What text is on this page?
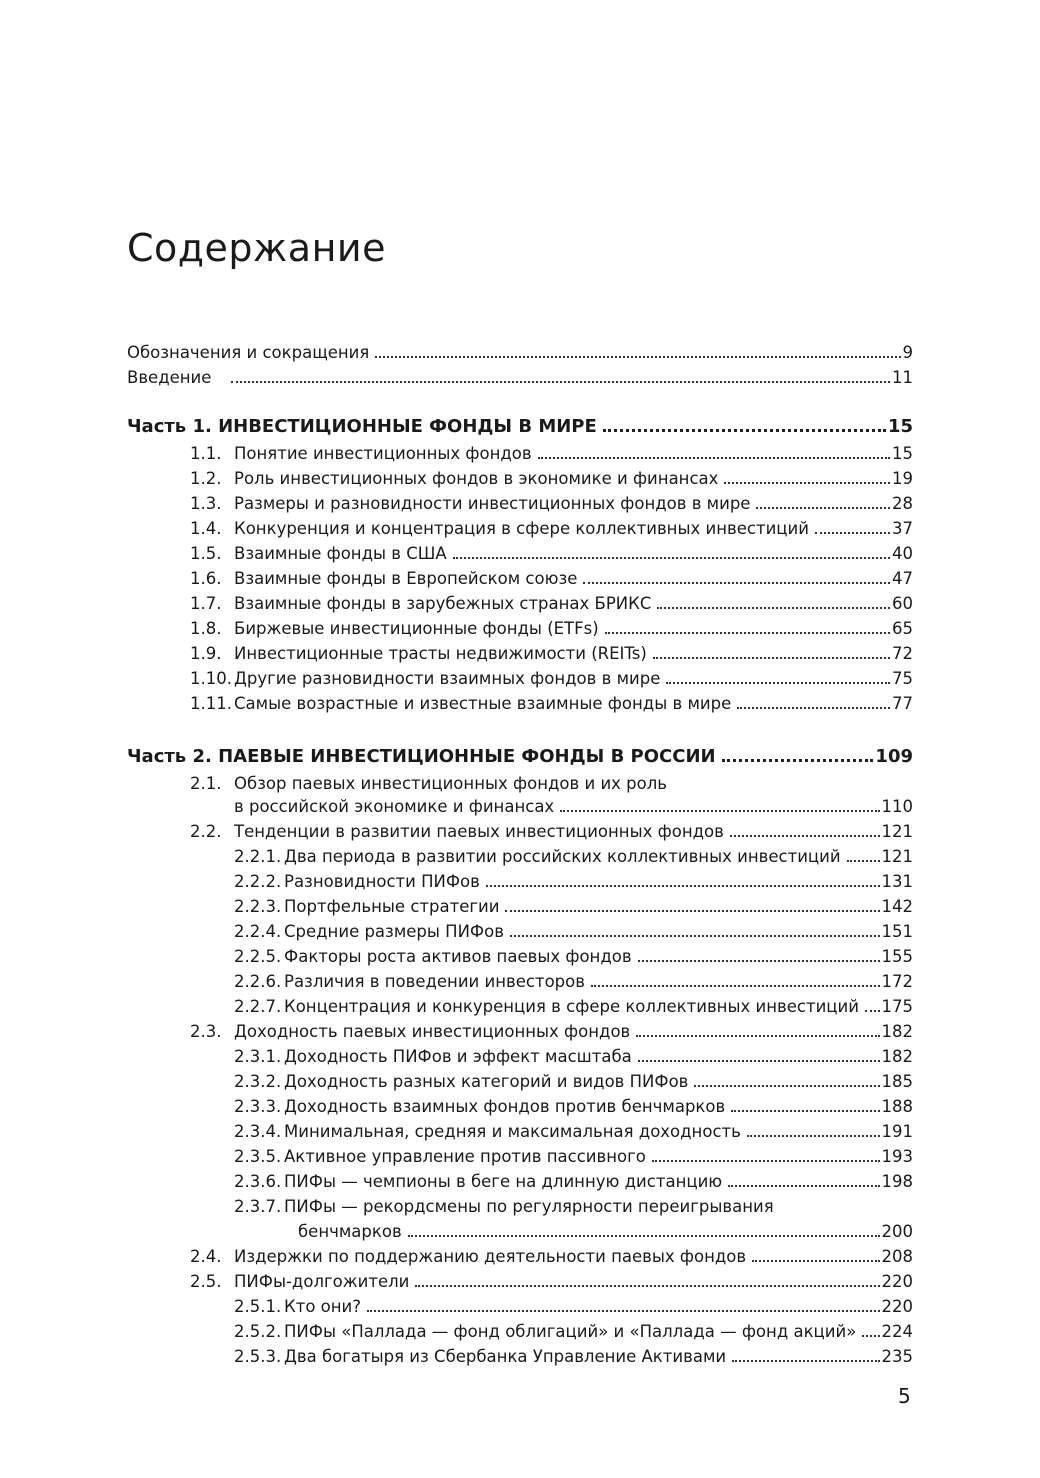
Содержание
Обозначения и сокращения	9
Введение	11
Часть 1. ИНВЕСТИЦИОННЫЕ ФОНДЫ В МИРЕ	15
1.1. Понятие инвестиционных фондов	15
1.2. Роль инвестиционных фондов в экономике и финансах	19
1.3. Размеры и разновидности инвестиционных фондов в мире	28
1.4. Конкуренция и концентрация в сфере коллективных инвестиций	37
1.5. Взаимные фонды в США	40
1.6. Взаимные фонды в Европейском союзе	47
1.7. Взаимные фонды в зарубежных странах БРИКС	60
1.8. Биржевые инвестиционные фонды (ETFs)	65
1.9. Инвестиционные трасты недвижимости (REITs)	72
1.10. Другие разновидности взаимных фондов в мире	75
1.11. Самые возрастные и известные взаимные фонды в мире	77
Часть 2. ПАЕВЫЕ ИНВЕСТИЦИОННЫЕ ФОНДЫ В РОССИИ	109
2.1. Обзор паевых инвестиционных фондов и их роль
в российской экономике и финансах	110
2.2. Тенденции в развитии паевых инвестиционных фондов	121
2.2.1. Два периода в развитии российских коллективных инвестиций	121
2.2.2. Разновидности ПИФов	131
2.2.3. Портфельные стратегии	142
2.2.4. Средние размеры ПИФов	151
2.2.5. Факторы роста активов паевых фондов	155
2.2.6. Различия в поведении инвесторов	172
2.2.7. Концентрация и конкуренция в сфере коллективных инвестиций	175
2.3. Доходность паевых инвестиционных фондов	182
2.3.1. Доходность ПИФов и эффект масштаба	182
2.3.2. Доходность разных категорий и видов ПИФов	185
2.3.3. Доходность взаимных фондов против бенчмарков	188
2.3.4. Минимальная, средняя и максимальная доходность	191
2.3.5. Активное управление против пассивного	193
2.3.6. ПИФы — чемпионы в беге на длинную дистанцию	198
2.3.7. ПИФы — рекордсмены по регулярности переигрывания
бенчмарков	200
2.4. Издержки по поддержанию деятельности паевых фондов	208
2.5. ПИФы-долгожители	220
2.5.1. Кто они?	220
2.5.2. ПИФы «Паллада — фонд облигаций» и «Паллада — фонд акций»	224
2.5.3. Два богатыря из Сбербанка Управление Активами	235
5
